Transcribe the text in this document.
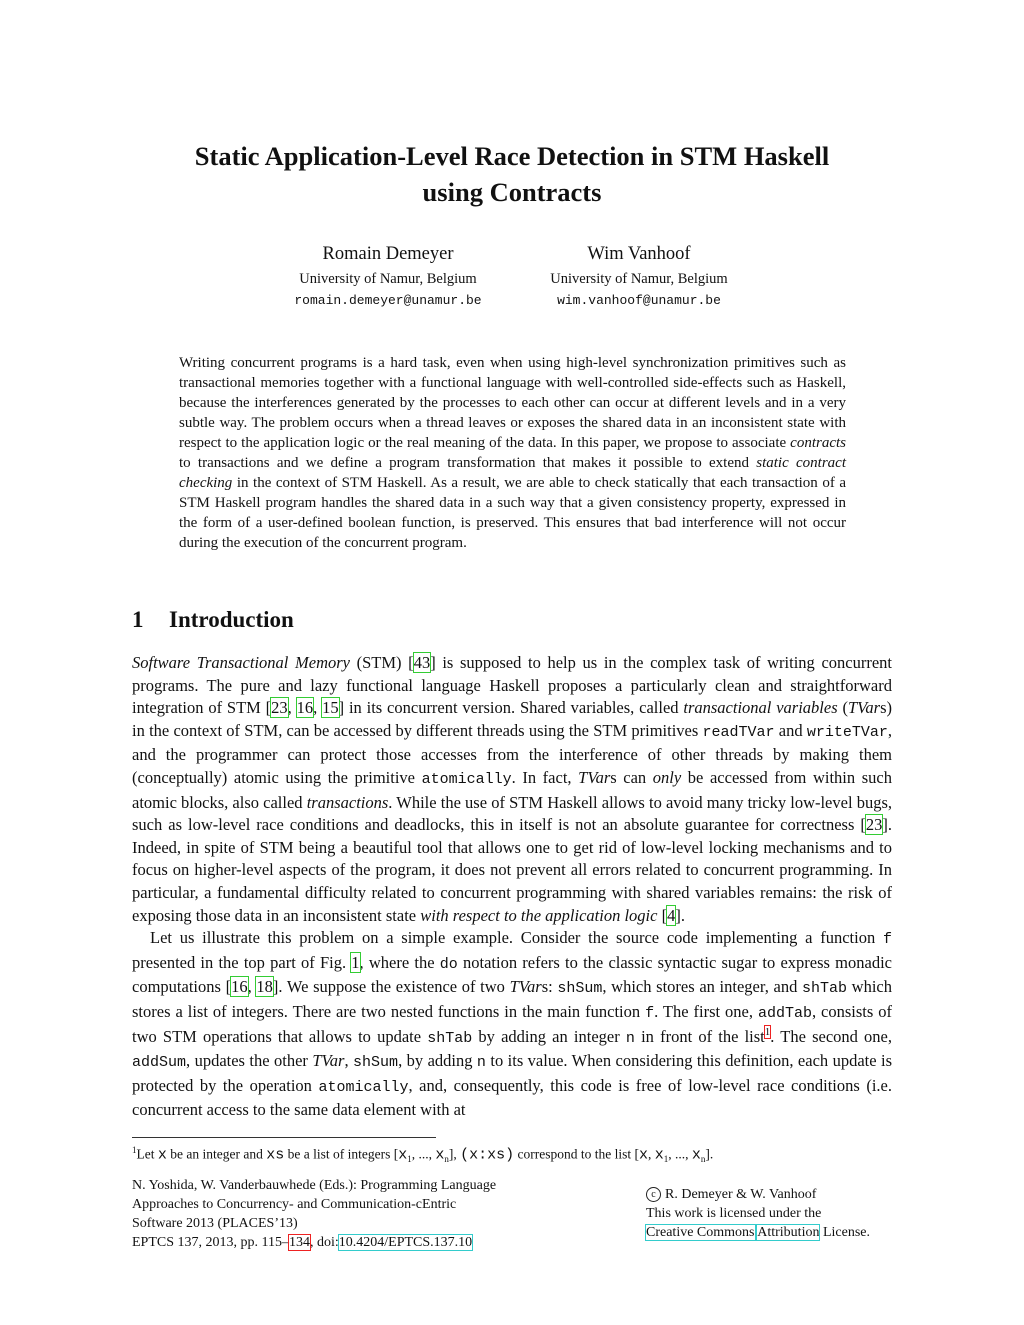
Static Application-Level Race Detection in STM Haskell
using Contracts
Romain Demeyer
University of Namur, Belgium
romain.demeyer@unamur.be
Wim Vanhoof
University of Namur, Belgium
wim.vanhoof@unamur.be

Writing concurrent programs is a hard task, even when using high-level synchronization primitives such as transactional memories together with a functional language with well-controlled side-effects such as Haskell, because the interferences generated by the processes to each other can occur at different levels and in a very subtle way. The problem occurs when a thread leaves or exposes the shared data in an inconsistent state with respect to the application logic or the real meaning of the data. In this paper, we propose to associate contracts to transactions and we define a program transformation that makes it possible to extend static contract checking in the context of STM Haskell. As a result, we are able to check statically that each transaction of a STM Haskell program handles the shared data in a such way that a given consistency property, expressed in the form of a user-defined boolean function, is preserved. This ensures that bad interference will not occur during the execution of the concurrent program.

1 Introduction

Software Transactional Memory (STM) [43] is supposed to help us in the complex task of writing concurrent programs. The pure and lazy functional language Haskell proposes a particularly clean and straightforward integration of STM [23, 16, 15] in its concurrent version. Shared variables, called transactional variables (TVars) in the context of STM, can be accessed by different threads using the STM primitives readTVar and writeTVar, and the programmer can protect those accesses from the interference of other threads by making them (conceptually) atomic using the primitive atomically. In fact, TVars can only be accessed from within such atomic blocks, also called transactions. While the use of STM Haskell allows to avoid many tricky low-level bugs, such as low-level race conditions and deadlocks, this in itself is not an absolute guarantee for correctness [23]. Indeed, in spite of STM being a beautiful tool that allows one to get rid of low-level locking mechanisms and to focus on higher-level aspects of the program, it does not prevent all errors related to concurrent programming. In particular, a fundamental difficulty related to concurrent programming with shared variables remains: the risk of exposing those data in an inconsistent state with respect to the application logic [4].

Let us illustrate this problem on a simple example. Consider the source code implementing a function f presented in the top part of Fig. 1, where the do notation refers to the classic syntactic sugar to express monadic computations [16, 18]. We suppose the existence of two TVars: shSum, which stores an integer, and shTab which stores a list of integers. There are two nested functions in the main function f. The first one, addTab, consists of two STM operations that allows to update shTab by adding an integer n in front of the list$^1$. The second one, addSum, updates the other TVar, shSum, by adding n to its value. When considering this definition, each update is protected by the operation atomically, and, consequently, this code is free of low-level race conditions (i.e. concurrent access to the same data element with at

$^1$Let x be an integer and xs be a list of integers [$x_1$, ..., $x_n$], (x:xs) correspond to the list [x, $x_1$, ..., $x_n$].
N. Yoshida, W. Vanderbauwhede (Eds.): Programming Language
Approaches to Concurrency- and Communication-cEntric
Software 2013 (PLACES’13)
EPTCS 137, 2013, pp. 115–134, doi:10.4204/EPTCS.137.10
c R. Demeyer & W. Vanhoof
This work is licensed under the
Creative Commons Attribution License.
